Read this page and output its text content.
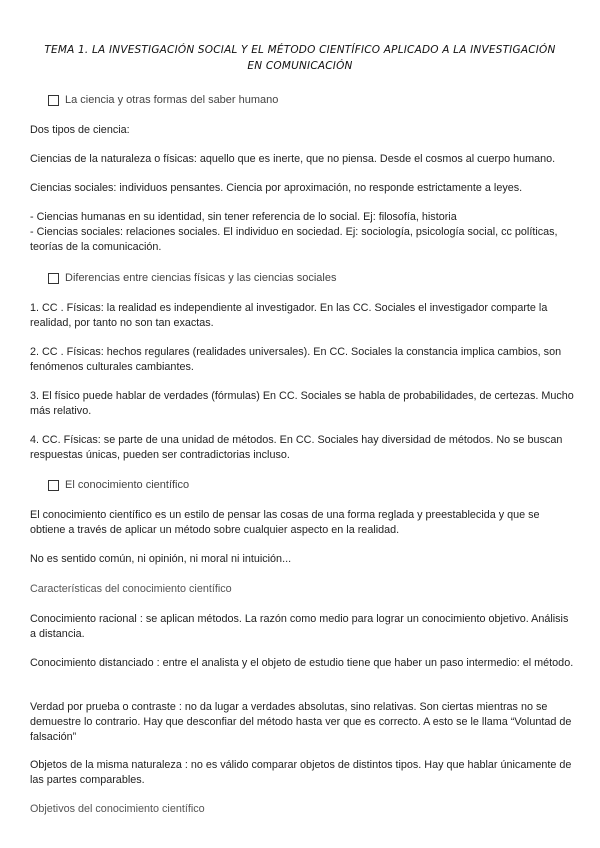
TEMA 1. LA INVESTIGACIÓN SOCIAL Y EL MÉTODO CIENTÍFICO APLICADO A LA INVESTIGACIÓN EN COMUNICACIÓN
La ciencia y otras formas del saber humano
Dos tipos de ciencia:
Ciencias de la naturaleza o físicas: aquello que es inerte, que no piensa. Desde el cosmos al cuerpo humano.
Ciencias sociales: individuos pensantes. Ciencia por aproximación, no responde estrictamente a leyes.
- Ciencias humanas en su identidad, sin tener referencia de lo social. Ej: filosofía, historia
- Ciencias sociales: relaciones sociales. El individuo en sociedad. Ej: sociología, psicología social, cc políticas, teorías de la comunicación.
Diferencias entre ciencias físicas y las ciencias sociales
1. CC . Físicas: la realidad es independiente al investigador. En las CC. Sociales el investigador comparte la realidad, por tanto no son tan exactas.
2. CC . Físicas: hechos regulares (realidades universales). En CC. Sociales la constancia implica cambios, son fenómenos culturales cambiantes.
3. El físico puede hablar de verdades (fórmulas) En CC. Sociales se habla de probabilidades, de certezas. Mucho más relativo.
4. CC. Físicas: se parte de una unidad de métodos. En CC. Sociales hay diversidad de métodos. No se buscan respuestas únicas, pueden ser contradictorias incluso.
El conocimiento científico
El conocimiento científico es un estilo de pensar las cosas de una forma reglada y preestablecida y que se obtiene a través de aplicar un método sobre cualquier aspecto en la realidad.
No es sentido común, ni opinión, ni moral ni intuición...
Características del conocimiento científico
Conocimiento racional : se aplican métodos. La razón como medio para lograr un conocimiento objetivo. Análisis a distancia.
Conocimiento distanciado : entre el analista y el objeto de estudio tiene que haber un paso intermedio: el método.
Verdad por prueba o contraste : no da lugar a verdades absolutas, sino relativas. Son ciertas mientras no se demuestre lo contrario. Hay que desconfiar del método hasta ver que es correcto. A esto se le llama “Voluntad de falsación”
Objetos de la misma naturaleza : no es válido comparar objetos de distintos tipos. Hay que hablar únicamente de las partes comparables.
Objetivos del conocimiento científico
